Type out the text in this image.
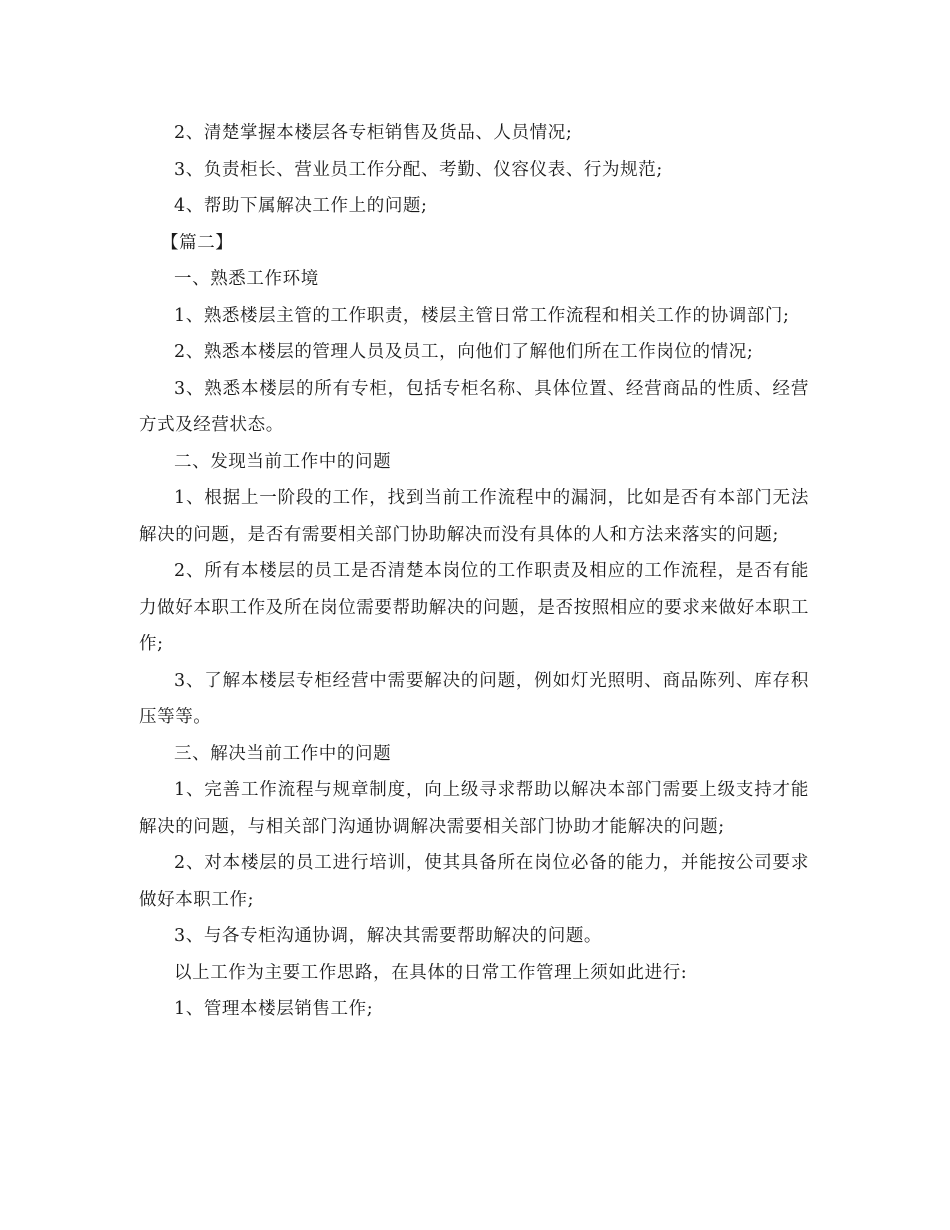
2、清楚掌握本楼层各专柜销售及货品、人员情况;

3、负责柜长、营业员工作分配、考勤、仪容仪表、行为规范;

4、帮助下属解决工作上的问题;

【篇二】

一、熟悉工作环境

1、熟悉楼层主管的工作职责，楼层主管日常工作流程和相关工作的协调部门;

2、熟悉本楼层的管理人员及员工，向他们了解他们所在工作岗位的情况;

3、熟悉本楼层的所有专柜，包括专柜名称、具体位置、经营商品的性质、经营方式及经营状态。

二、发现当前工作中的问题

1、根据上一阶段的工作，找到当前工作流程中的漏洞，比如是否有本部门无法解决的问题，是否有需要相关部门协助解决而没有具体的人和方法来落实的问题;

2、所有本楼层的员工是否清楚本岗位的工作职责及相应的工作流程，是否有能力做好本职工作及所在岗位需要帮助解决的问题，是否按照相应的要求来做好本职工作;

3、了解本楼层专柜经营中需要解决的问题，例如灯光照明、商品陈列、库存积压等等。

三、解决当前工作中的问题

1、完善工作流程与规章制度，向上级寻求帮助以解决本部门需要上级支持才能解决的问题，与相关部门沟通协调解决需要相关部门协助才能解决的问题;

2、对本楼层的员工进行培训，使其具备所在岗位必备的能力，并能按公司要求做好本职工作;

3、与各专柜沟通协调，解决其需要帮助解决的问题。

以上工作为主要工作思路，在具体的日常工作管理上须如此进行:

1、管理本楼层销售工作;
